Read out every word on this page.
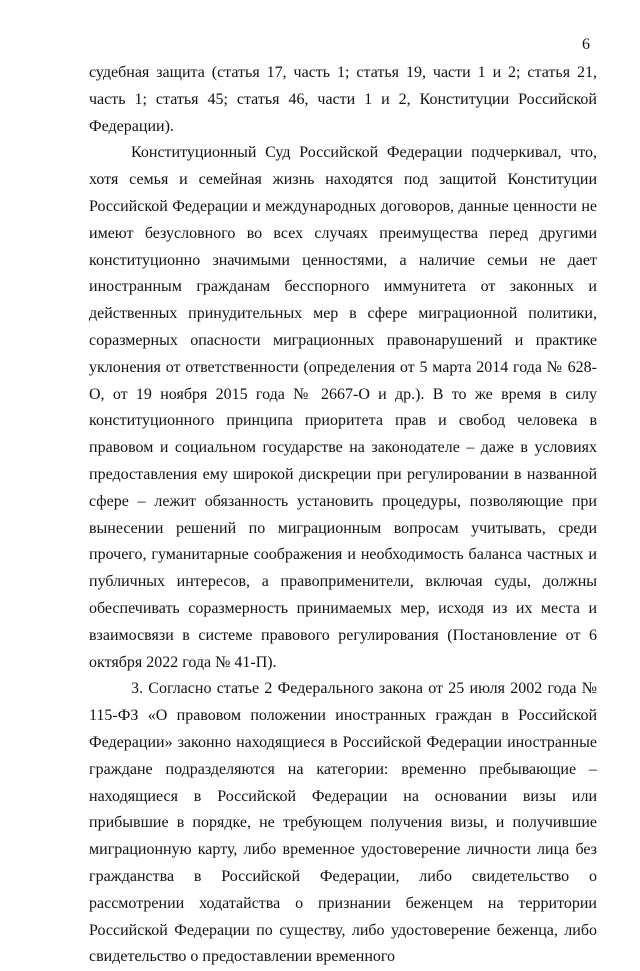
6

судебная защита (статья 17, часть 1; статья 19, части 1 и 2; статья 21, часть 1; статья 45; статья 46, части 1 и 2, Конституции Российской Федерации).

Конституционный Суд Российской Федерации подчеркивал, что, хотя семья и семейная жизнь находятся под защитой Конституции Российской Федерации и международных договоров, данные ценности не имеют безусловного во всех случаях преимущества перед другими конституционно значимыми ценностями, а наличие семьи не дает иностранным гражданам бесспорного иммунитета от законных и действенных принудительных мер в сфере миграционной политики, соразмерных опасности миграционных правонарушений и практике уклонения от ответственности (определения от 5 марта 2014 года № 628-О, от 19 ноября 2015 года № 2667-О и др.). В то же время в силу конституционного принципа приоритета прав и свобод человека в правовом и социальном государстве на законодателе – даже в условиях предоставления ему широкой дискреции при регулировании в названной сфере – лежит обязанность установить процедуры, позволяющие при вынесении решений по миграционным вопросам учитывать, среди прочего, гуманитарные соображения и необходимость баланса частных и публичных интересов, а правоприменители, включая суды, должны обеспечивать соразмерность принимаемых мер, исходя из их места и взаимосвязи в системе правового регулирования (Постановление от 6 октября 2022 года № 41-П).

3. Согласно статье 2 Федерального закона от 25 июля 2002 года № 115-ФЗ «О правовом положении иностранных граждан в Российской Федерации» законно находящиеся в Российской Федерации иностранные граждане подразделяются на категории: временно пребывающие – находящиеся в Российской Федерации на основании визы или прибывшие в порядке, не требующем получения визы, и получившие миграционную карту, либо временное удостоверение личности лица без гражданства в Российской Федерации, либо свидетельство о рассмотрении ходатайства о признании беженцем на территории Российской Федерации по существу, либо удостоверение беженца, либо свидетельство о предоставлении временного
